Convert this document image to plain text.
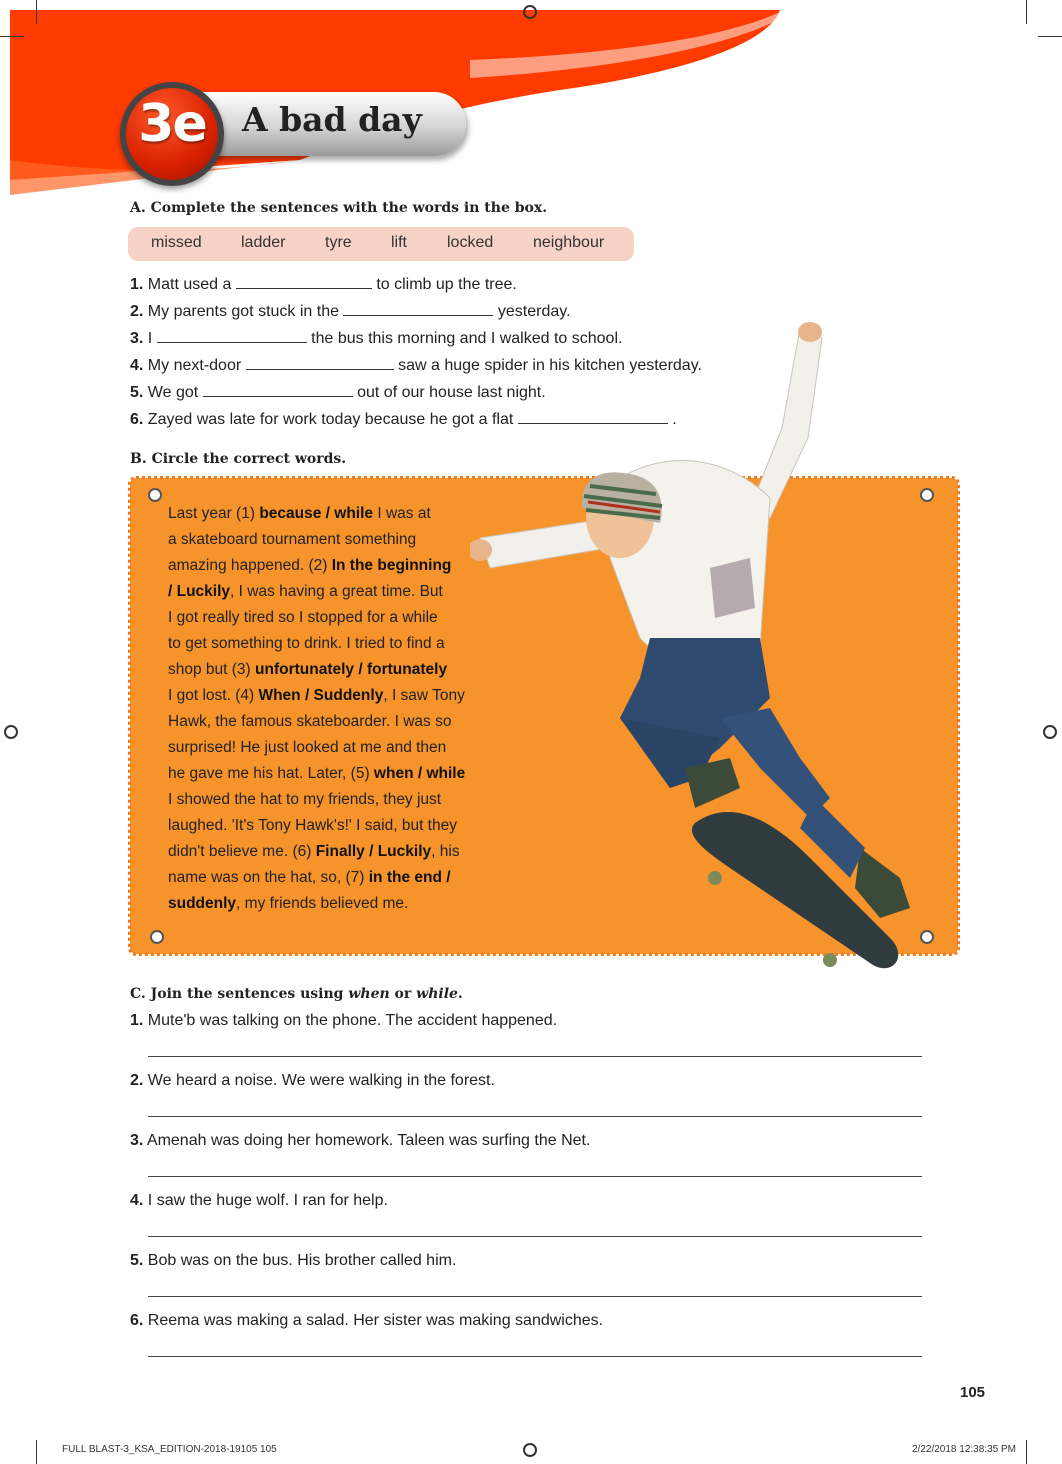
A bad day
3e
A. Complete the sentences with the words in the box.
missed ladder tyre lift	locked neighbour
1. Matt used a	to climb up the tree.
2. My parents got stuck in the	yesterday.
3. I	the bus this morning and I walked to school.
4. My next-door	saw a huge spider in his kitchen yesterday.
5. We got	out of our house last night.
6. Zayed was late for work today because he got a flat	.
B. Circle the correct words.
Last year (1) because / while I was at
a skateboard tournament something
amazing happened. (2) In the beginning
/ Luckily, I was having a great time. But
I got really tired so I stopped for a while
to get something to drink. I tried to find a
shop but (3) unfortunately / fortunately
I got lost. (4) When / Suddenly, I saw Tony
Hawk, the famous skateboarder. I was so
surprised! He just looked at me and then
he gave me his hat. Later, (5) when / while
I showed the hat to my friends, they just
laughed. 'It's Tony Hawk's!' I said, but they
didn't believe me. (6) Finally / Luckily, his
name was on the hat, so, (7) in the end /
suddenly, my friends believed me.
C. Join the sentences using when or while.
1. Mute'b was talking on the phone. The accident happened.
2. We heard a noise. We were walking in the forest.
3. Amenah was doing her homework. Taleen was surfing the Net.
4. I saw the huge wolf. I ran for help.
5. Bob was on the bus. His brother called him.
6. Reema was making a salad. Her sister was making sandwiches.
105
FULL BLAST-3_KSA_EDITION-2018-19105 105	2/22/2018 12:38:35 PM
